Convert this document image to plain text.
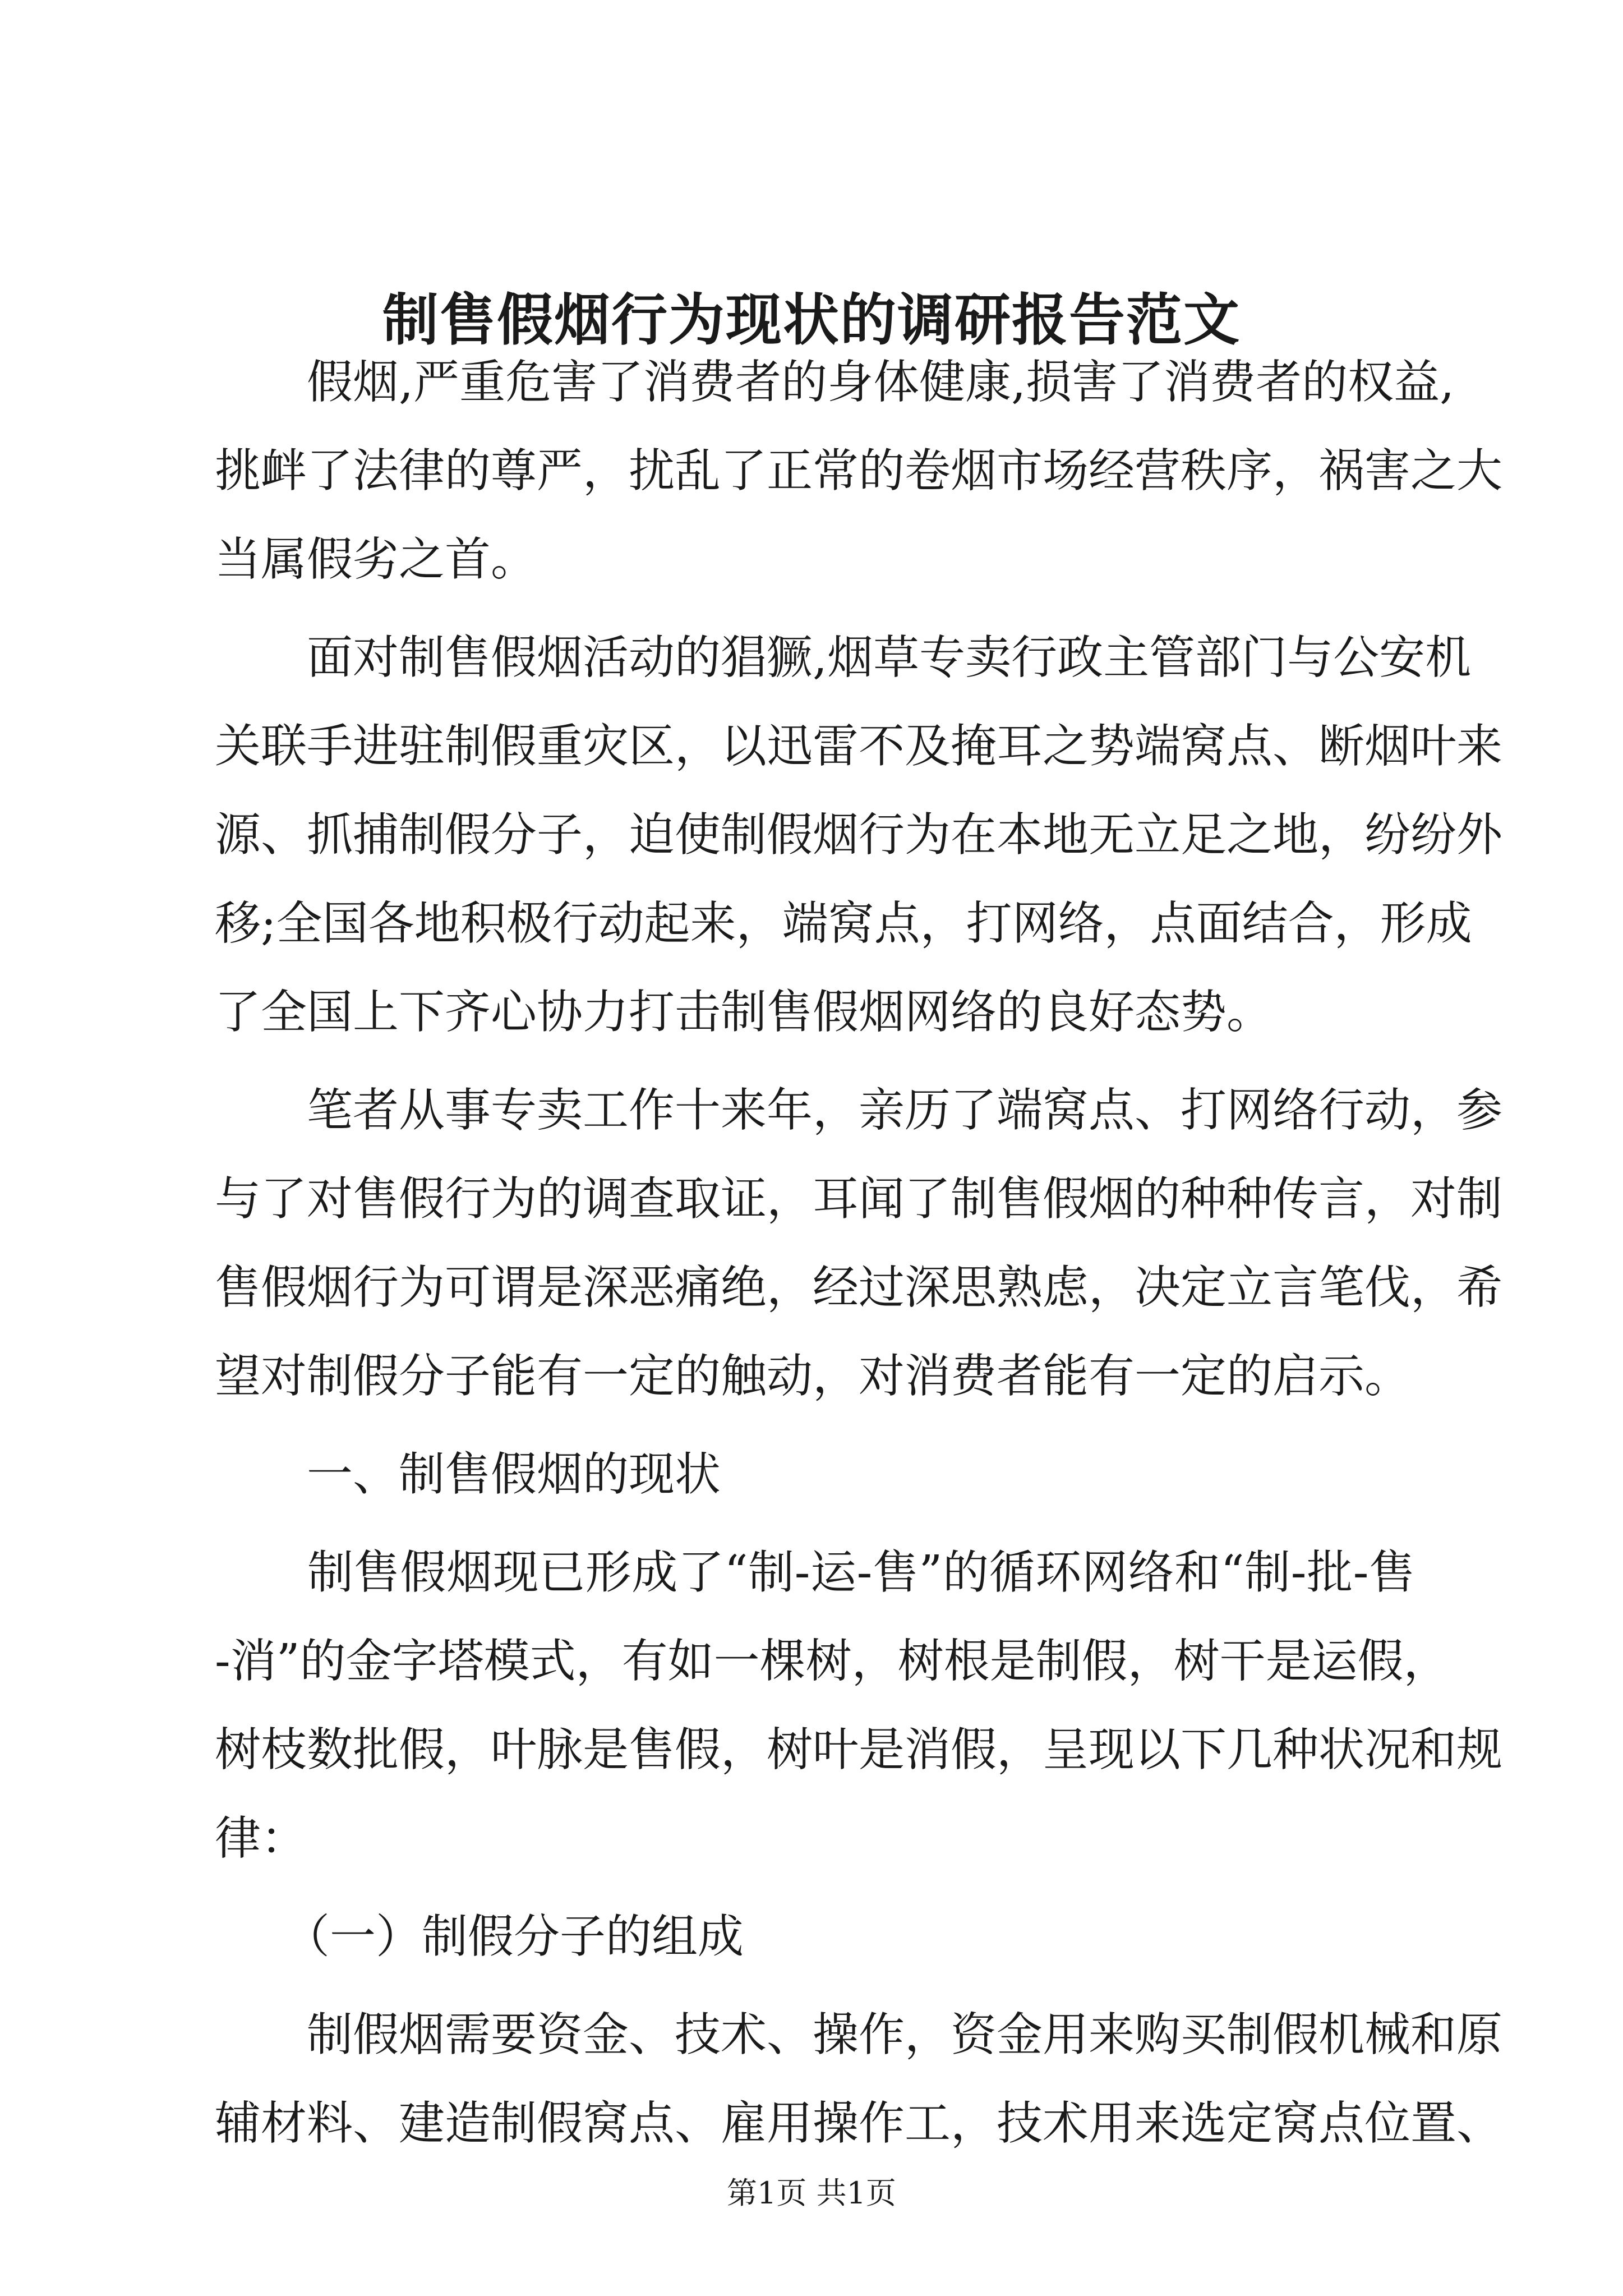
制售假烟行为现状的调研报告范文
　　假烟,严重危害了消费者的身体健康,损害了消费者的权益,
挑衅了法律的尊严，扰乱了正常的卷烟市场经营秩序，祸害之大
当属假劣之首。
　　面对制售假烟活动的猖獗,烟草专卖行政主管部门与公安机
关联手进驻制假重灾区，以迅雷不及掩耳之势端窝点、断烟叶来
源、抓捕制假分子，迫使制假烟行为在本地无立足之地，纷纷外
移;全国各地积极行动起来，端窝点，打网络，点面结合，形成
了全国上下齐心协力打击制售假烟网络的良好态势。
　　笔者从事专卖工作十来年，亲历了端窝点、打网络行动，参
与了对售假行为的调查取证，耳闻了制售假烟的种种传言，对制
售假烟行为可谓是深恶痛绝，经过深思熟虑，决定立言笔伐，希
望对制假分子能有一定的触动，对消费者能有一定的启示。
　　一、制售假烟的现状
　　制售假烟现已形成了“制-运-售”的循环网络和“制-批-售
-消”的金字塔模式，有如一棵树，树根是制假，树干是运假，
树枝数批假，叶脉是售假，树叶是消假，呈现以下几种状况和规
律：
　　（一）制假分子的组成
　　制假烟需要资金、技术、操作，资金用来购买制假机械和原
辅材料、建造制假窝点、雇用操作工，技术用来选定窝点位置、
第1页 共1页
